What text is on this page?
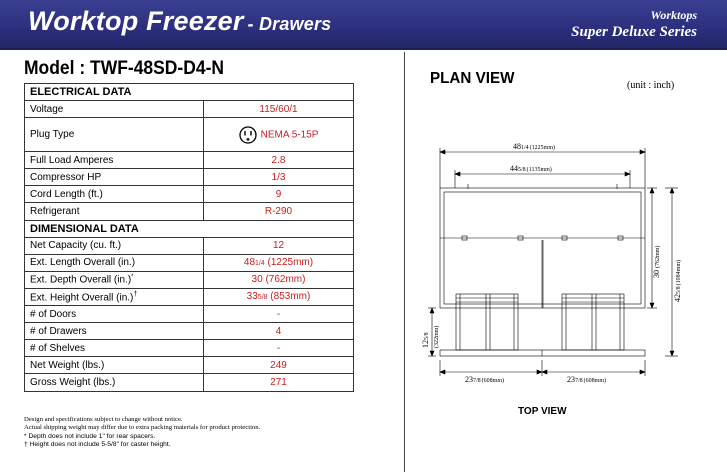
Worktop Freezer - Drawers	Worktops
Super Deluxe Series
Model : TWF-48SD-D4-N
ELECTRICAL DATA	
Voltage	115/60/1
Plug Type	NEMA 5-15P
Full Load Amperes	2.8
Compressor HP	1/3
Cord Length (ft.)	9
Refrigerant	R-290
DIMENSIONAL DATA	
Net Capacity (cu. ft.)	12
Ext. Length Overall (in.)	481/4 (1225mm)
Ext. Depth Overall (in.)*	30 (762mm)
Ext. Height Overall (in.)†	335/8 (853mm)
# of Doors	-
# of Drawers	4
# of Shelves	-
Net Weight (lbs.)	249
Gross Weight (lbs.)	271
Design and specifications subject to change without notice.
Actual shipping weight may differ due to extra packing materials for product protection.
* Depth does not include 1" for rear spacers.
† Height does not include 5-5/8" for caster height.
PLAN VIEW	(unit : inch)
481/4(1225mm)
445/8(1135mm)
30(762mm)
425/8(1084mm)
125/8 (322mm)
237/8(608mm)	237/8(608mm)
TOP VIEW
